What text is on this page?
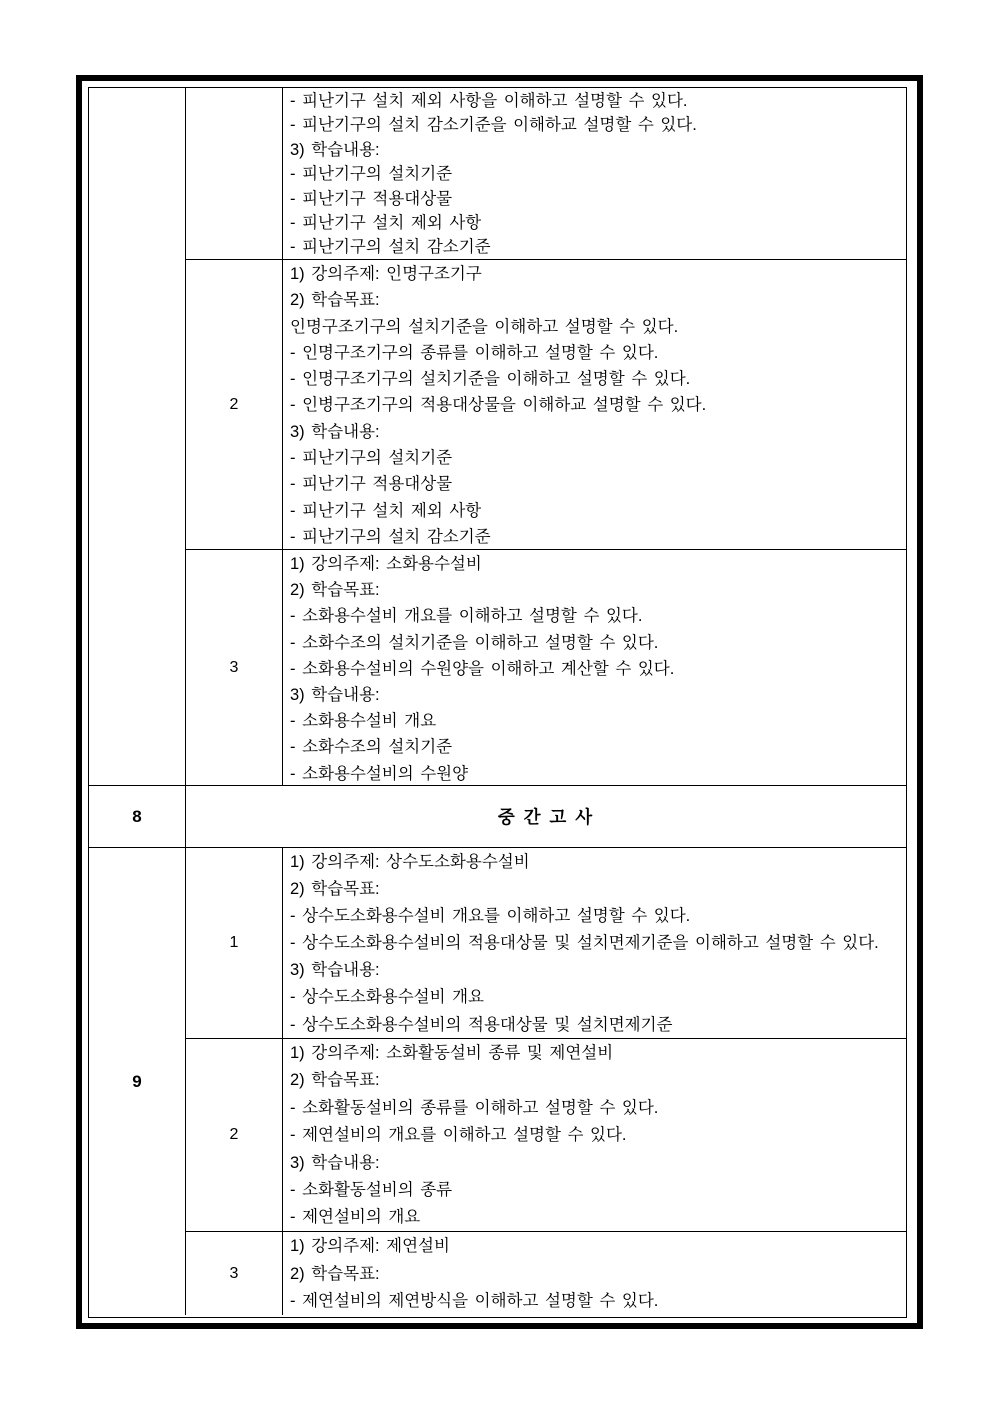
- 피난기구 설치 제외 사항을 이해하고 설명할 수 있다.
- 피난기구의 설치 감소기준을 이해하교 설명할 수 있다.
3) 학습내용:
- 피난기구의 설치기준
- 피난기구 적용대상물
- 피난기구 설치 제외 사항
- 피난기구의 설치 감소기준
2
1) 강의주제: 인명구조기구
2) 학습목표:
인명구조기구의 설치기준을 이해하고 설명할 수 있다.
- 인명구조기구의 종류를 이해하고 설명할 수 있다.
- 인명구조기구의 설치기준을 이해하고 설명할 수 있다.
- 인병구조기구의 적용대상물을 이해하교 설명할 수 있다.
3) 학습내용:
- 피난기구의 설치기준
- 피난기구 적용대상물
- 피난기구 설치 제외 사항
- 피난기구의 설치 감소기준
3
1) 강의주제: 소화용수설비
2) 학습목표:
- 소화용수설비 개요를 이해하고 설명할 수 있다.
- 소화수조의 설치기준을 이해하고 설명할 수 있다.
- 소화용수설비의 수원양을 이해하고 계산할 수 있다.
3) 학습내용:
- 소화용수설비 개요
- 소화수조의 설치기준
- 소화용수설비의 수원양
8	중 간 고 사
9
1
1) 강의주제: 상수도소화용수설비
2) 학습목표:
- 상수도소화용수설비 개요를 이해하고 설명할 수 있다.
- 상수도소화용수설비의 적용대상물 및 설치면제기준을 이해하고 설명할 수 있다.
3) 학습내용:
- 상수도소화용수설비 개요
- 상수도소화용수설비의 적용대상물 및 설치면제기준
2
1) 강의주제: 소화활동설비 종류 및 제연설비
2) 학습목표:
- 소화활동설비의 종류를 이해하고 설명할 수 있다.
- 제연설비의 개요를 이해하고 설명할 수 있다.
3) 학습내용:
- 소화활동설비의 종류
- 제연설비의 개요
3
1) 강의주제: 제연설비
2) 학습목표:
- 제연설비의 제연방식을 이해하고 설명할 수 있다.
